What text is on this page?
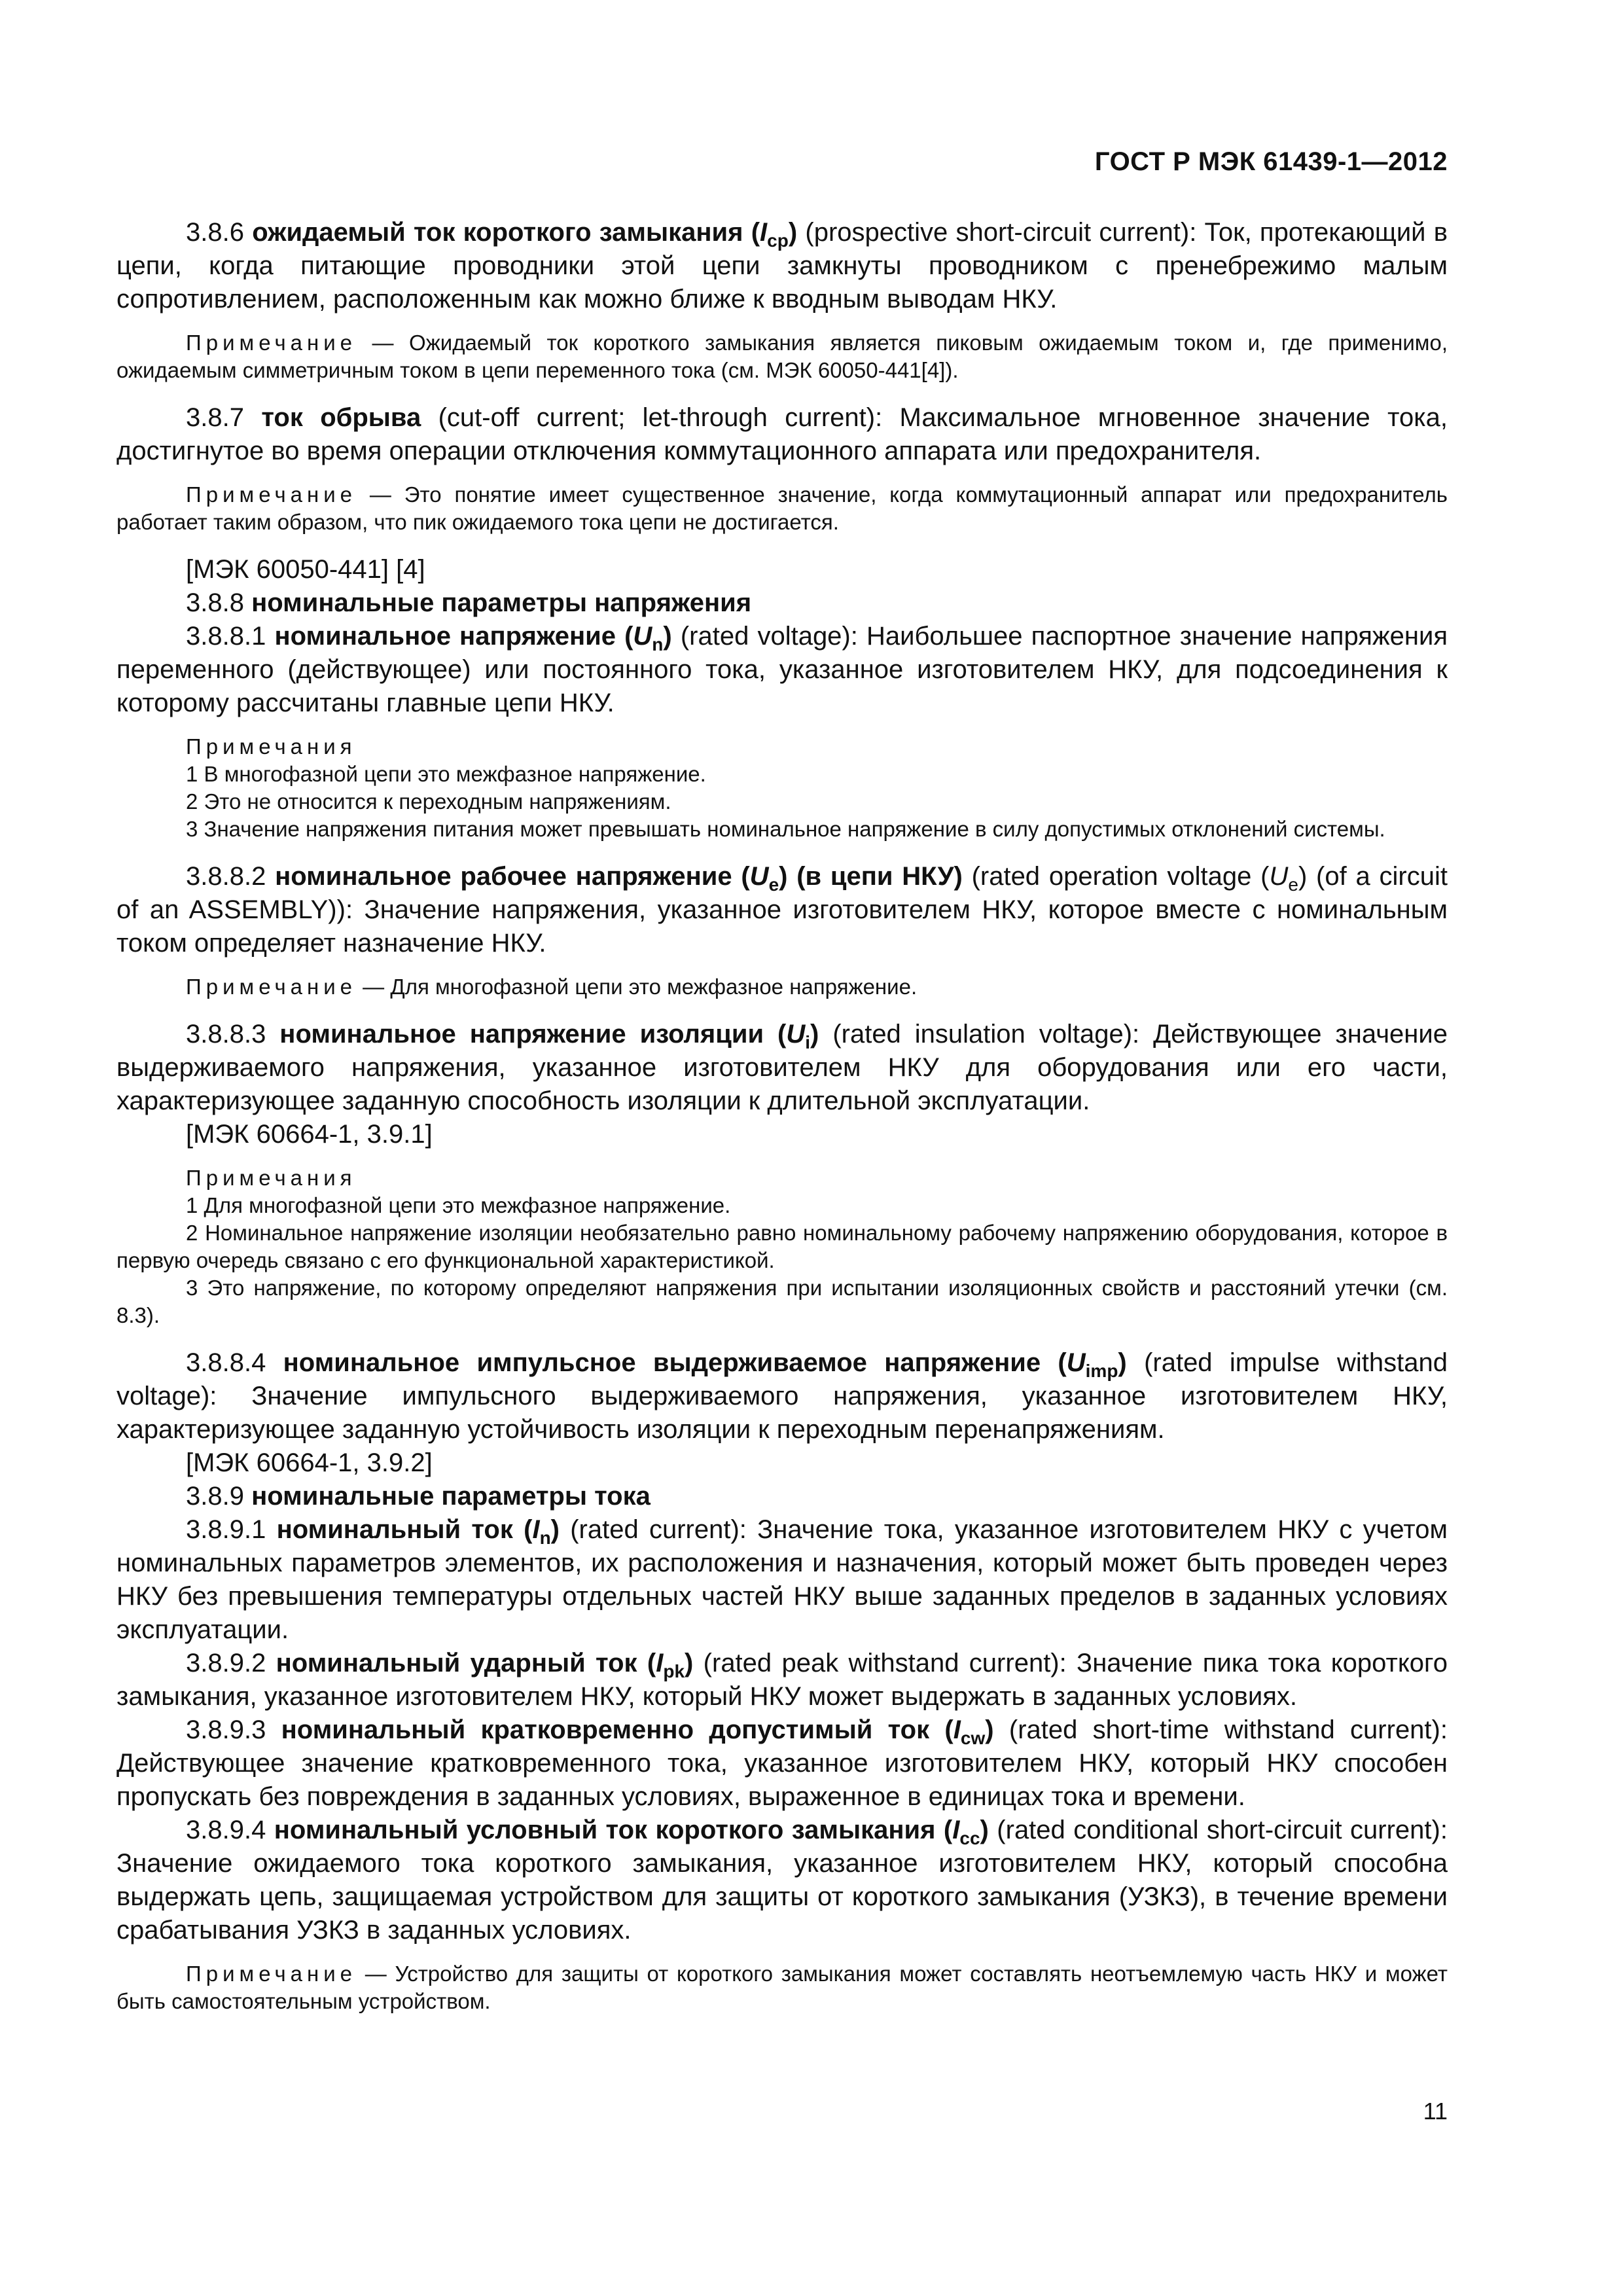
ГОСТ Р МЭК 61439-1—2012

3.8.6 ожидаемый ток короткого замыкания $(I_{cp})$ (prospective short-circuit current): Ток, протекающий в цепи, когда питающие проводники этой цепи замкнуты проводником с пренебрежимо малым сопротивлением, расположенным как можно ближе к вводным выводам НКУ.

Примечание — Ожидаемый ток короткого замыкания является пиковым ожидаемым током и, где применимо, ожидаемым симметричным током в цепи переменного тока (см. МЭК 60050-441[4]).

3.8.7 ток обрыва (cut-off current; let-through current): Максимальное мгновенное значение тока, достигнутое во время операции отключения коммутационного аппарата или предохранителя.

Примечание — Это понятие имеет существенное значение, когда коммутационный аппарат или предохранитель работает таким образом, что пик ожидаемого тока цепи не достигается.

[МЭК 60050-441] [4]

3.8.8 номинальные параметры напряжения

3.8.8.1 номинальное напряжение $(U_n)$ (rated voltage): Наибольшее паспортное значение напряжения переменного (действующее) или постоянного тока, указанное изготовителем НКУ, для подсоединения к которому рассчитаны главные цепи НКУ.

Примечания
1 В многофазной цепи это межфазное напряжение.
2 Это не относится к переходным напряжениям.
3 Значение напряжения питания может превышать номинальное напряжение в силу допустимых отклонений системы.

3.8.8.2 номинальное рабочее напряжение $(U_e)$ (в цепи НКУ) (rated operation voltage $(U_e)$ (of a circuit of an ASSEMBLY)): Значение напряжения, указанное изготовителем НКУ, которое вместе с номинальным током определяет назначение НКУ.

Примечание — Для многофазной цепи это межфазное напряжение.

3.8.8.3 номинальное напряжение изоляции $(U_i)$ (rated insulation voltage): Действующее значение выдерживаемого напряжения, указанное изготовителем НКУ для оборудования или его части, характеризующее заданную способность изоляции к длительной эксплуатации.

[МЭК 60664-1, 3.9.1]

Примечания
1 Для многофазной цепи это межфазное напряжение.
2 Номинальное напряжение изоляции необязательно равно номинальному рабочему напряжению оборудования, которое в первую очередь связано с его функциональной характеристикой.
3 Это напряжение, по которому определяют напряжения при испытании изоляционных свойств и расстояний утечки (см. 8.3).

3.8.8.4 номинальное импульсное выдерживаемое напряжение $(U_{imp})$ (rated impulse withstand voltage): Значение импульсного выдерживаемого напряжения, указанное изготовителем НКУ, характеризующее заданную устойчивость изоляции к переходным перенапряжениям.

[МЭК 60664-1, 3.9.2]

3.8.9 номинальные параметры тока

3.8.9.1 номинальный ток $(I_n)$ (rated current): Значение тока, указанное изготовителем НКУ с учетом номинальных параметров элементов, их расположения и назначения, который может быть проведен через НКУ без превышения температуры отдельных частей НКУ выше заданных пределов в заданных условиях эксплуатации.

3.8.9.2 номинальный ударный ток $(I_{pk})$ (rated peak withstand current): Значение пика тока короткого замыкания, указанное изготовителем НКУ, который НКУ может выдержать в заданных условиях.

3.8.9.3 номинальный кратковременно допустимый ток $(I_{cw})$ (rated short-time withstand current): Действующее значение кратковременного тока, указанное изготовителем НКУ, который НКУ способен пропускать без повреждения в заданных условиях, выраженное в единицах тока и времени.

3.8.9.4 номинальный условный ток короткого замыкания $(I_{cc})$ (rated conditional short-circuit current): Значение ожидаемого тока короткого замыкания, указанное изготовителем НКУ, который способна выдержать цепь, защищаемая устройством для защиты от короткого замыкания (УЗКЗ), в течение времени срабатывания УЗКЗ в заданных условиях.

Примечание — Устройство для защиты от короткого замыкания может составлять неотъемлемую часть НКУ и может быть самостоятельным устройством.
11
